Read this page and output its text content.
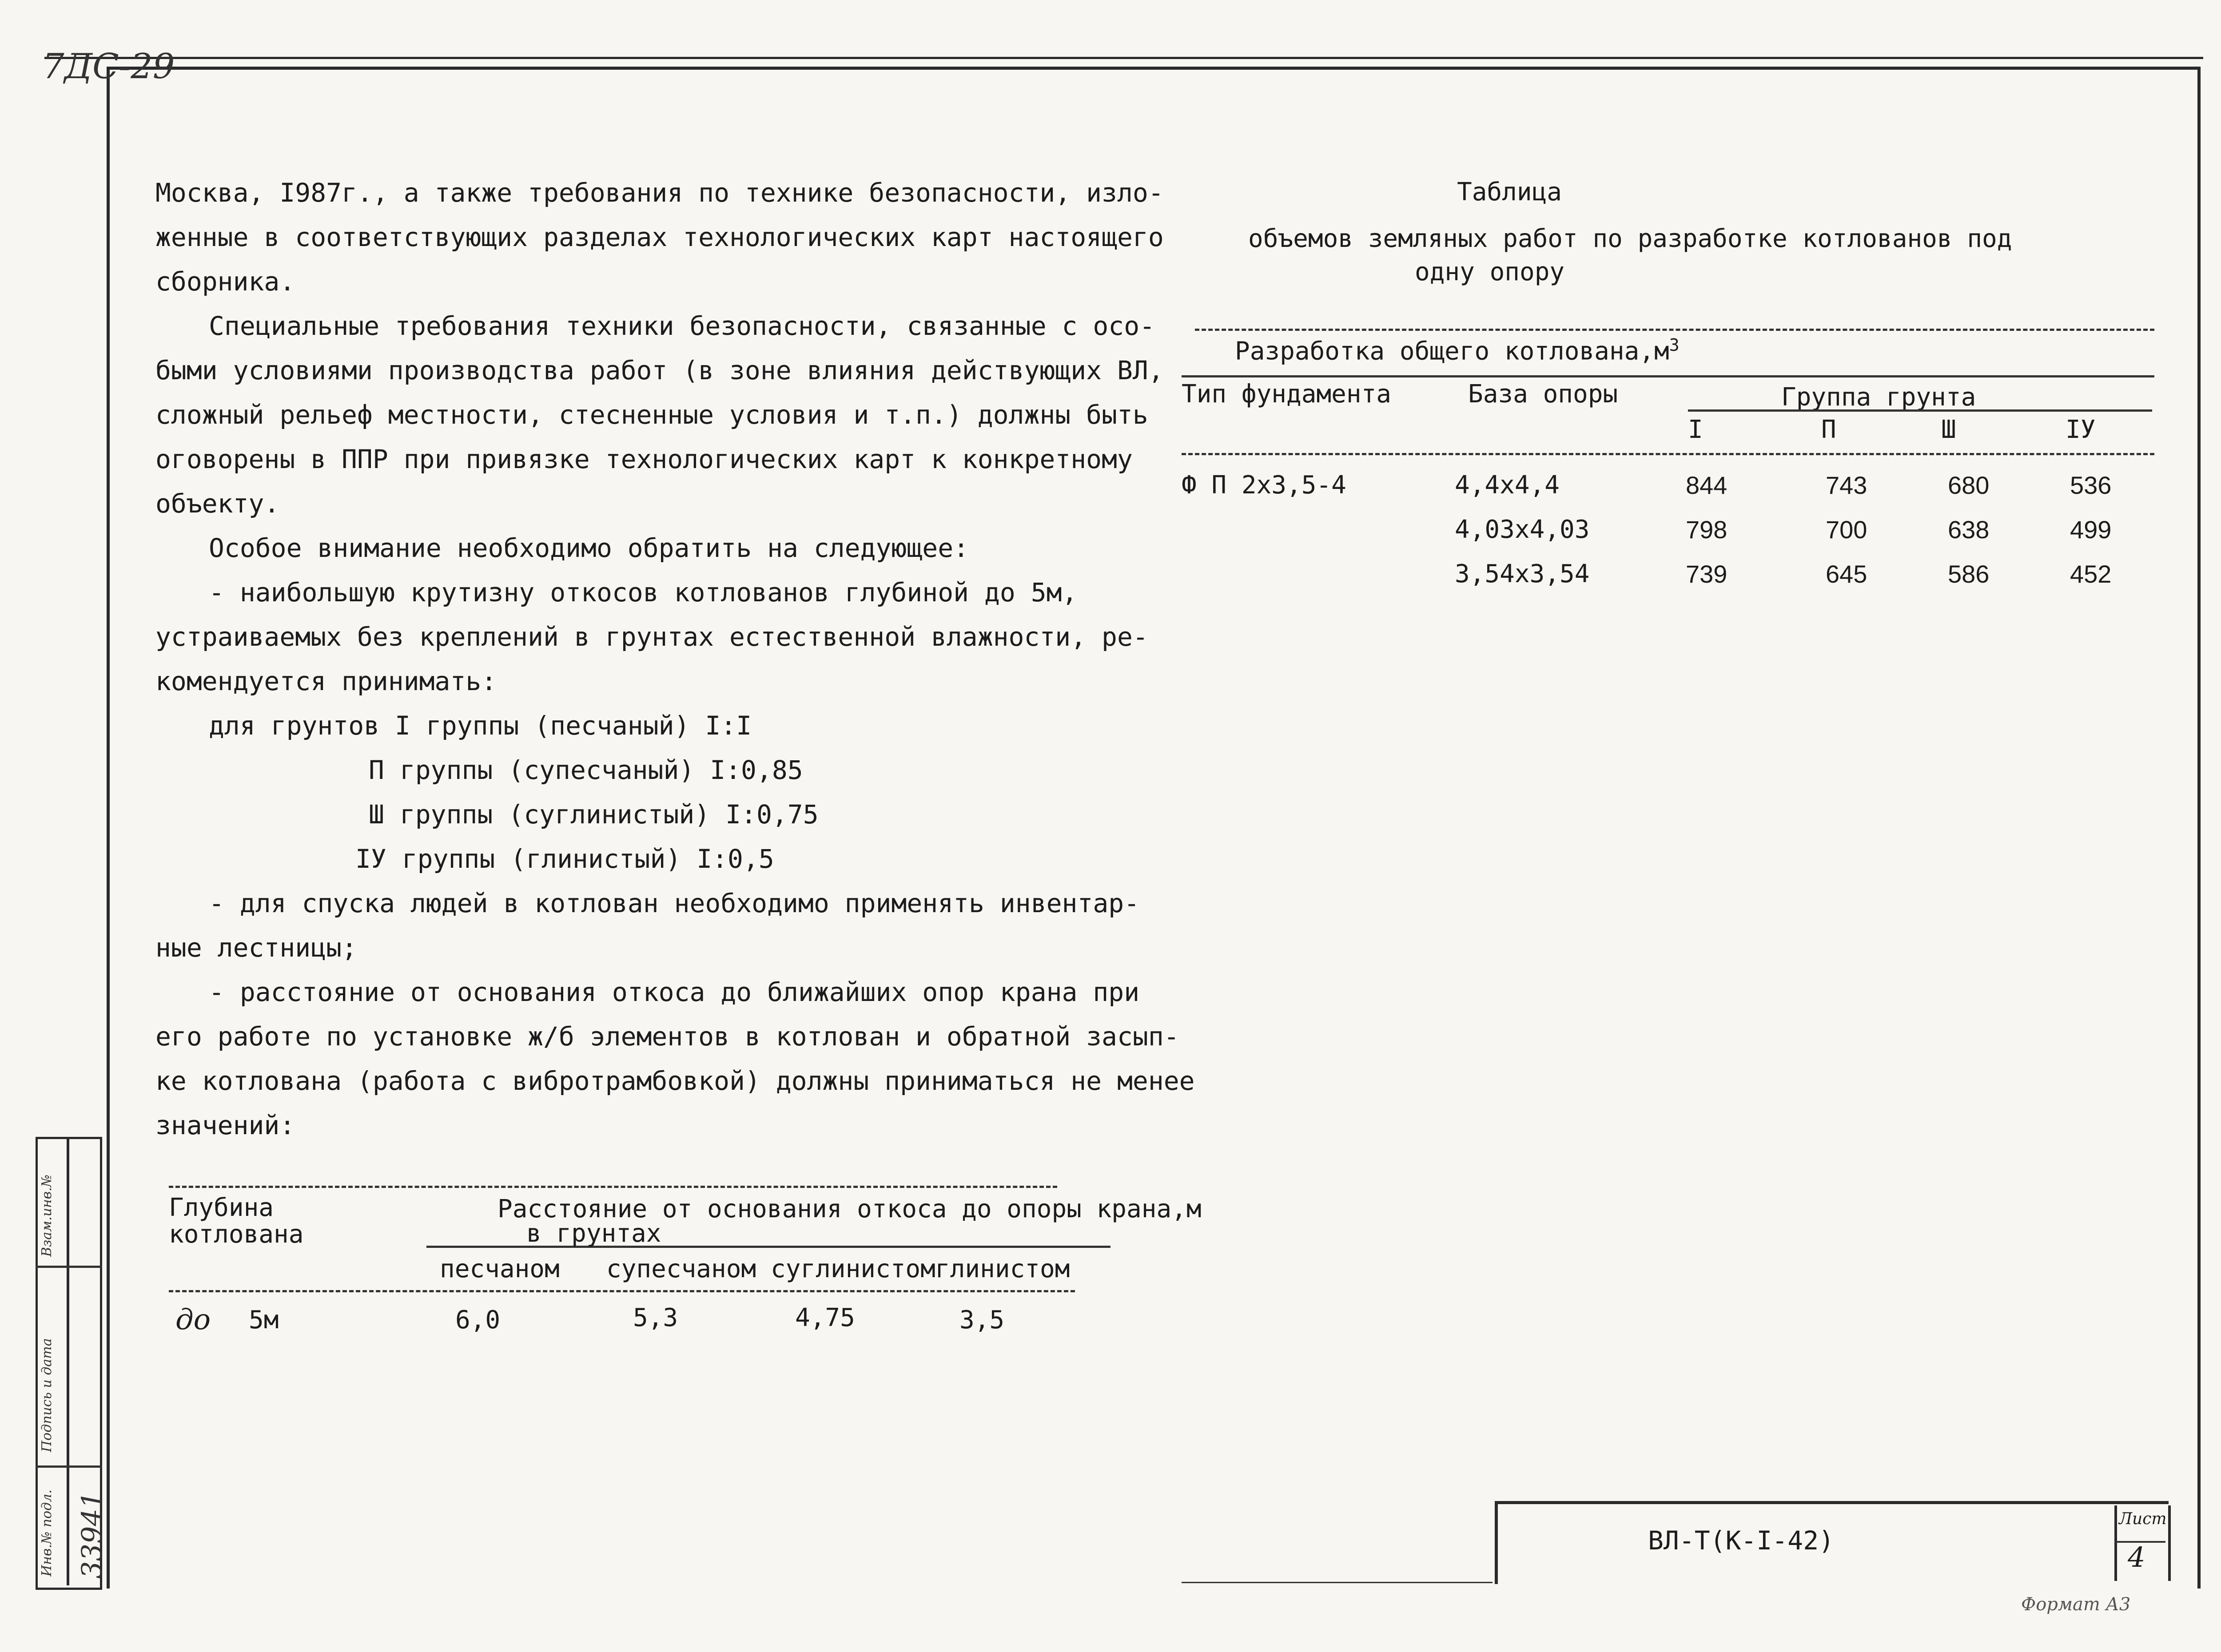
7ДС-29
Москва, I987г., а также требования по технике безопасности, изло-
женные в соответствующих разделах технологических карт настоящего
сборника.
Специальные требования техники безопасности, связанные с осо-
быми условиями производства работ (в зоне влияния действующих ВЛ,
сложный рельеф местности, стесненные условия и т.п.) должны быть
оговорены в ППР при привязке технологических карт к конкретному
объекту.
Особое внимание необходимо обратить на следующее:
- наибольшую крутизну откосов котлованов глубиной до 5м,
устраиваемых без креплений в грунтах естественной влажности, ре-
комендуется принимать:
для грунтов I группы (песчаный) I:I
П группы (супесчаный) I:0,85
Ш группы (суглинистый) I:0,75
IУ группы (глинистый) I:0,5
- для спуска людей в котлован необходимо применять инвентар-
ные лестницы;
- расстояние от основания откоса до ближайших опор крана при
его работе по установке ж/б элементов в котлован и обратной засып-
ке котлована (работа с вибротрамбовкой) должны приниматься не менее
значений:
Глубина
котлована
Расстояние от основания откоса до опоры крана,м
в грунтах
песчаном супесчаном суглинистом глинистом
до 5м	6,0	5,3	4,75	3,5
Таблица
объемов земляных работ по разработке котлованов под
одну опору
Разработка общего $котлована,м^3$
Тип фундамента	База опоры	Группа грунта
I	П	Ш	IУ
Ф П 2х3,5-4	4,4х4,4	844	743	680	536
4,03х4,03	798	700	638	499
3,54х3,54	739	645	586	452
ВЛ-Т(К-I-42)
Лист
4
Формат А3
33941
Инв.№ подл.
Подпись и дата
Взам.инв.№
